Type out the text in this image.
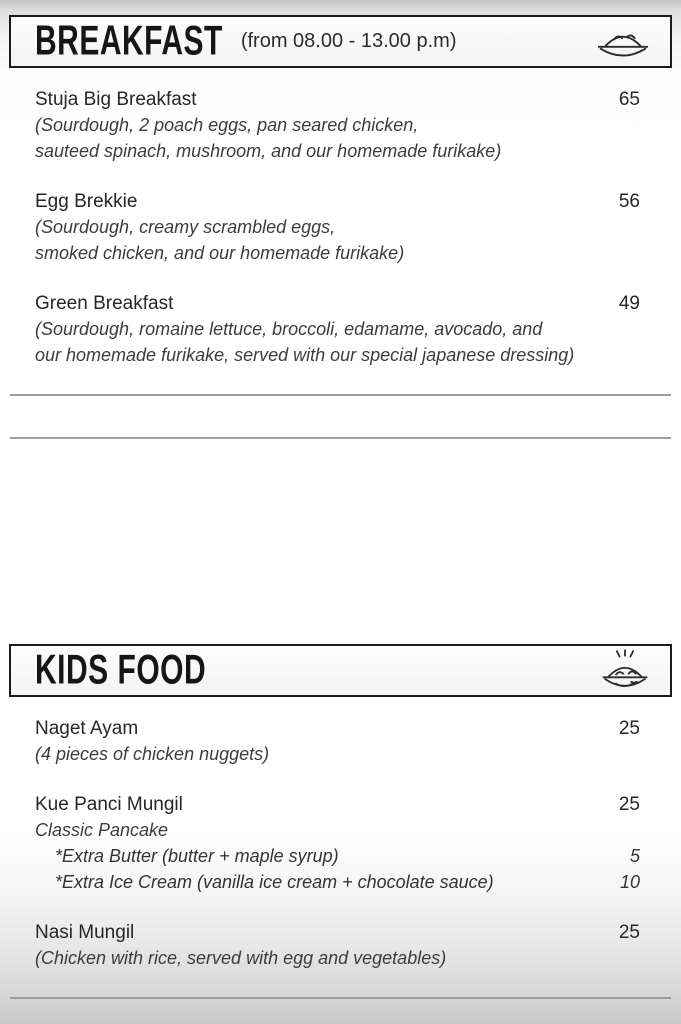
BREAKFAST (from 08.00 - 13.00 p.m)
Stuja Big Breakfast	65
(Sourdough, 2 poach eggs, pan seared chicken,
sauteed spinach, mushroom, and our homemade furikake)
Egg Brekkie	56
(Sourdough, creamy scrambled eggs,
smoked chicken, and our homemade furikake)
Green Breakfast	49
(Sourdough, romaine lettuce, broccoli, edamame, avocado, and
our homemade furikake, served with our special japanese dressing)
KIDS FOOD
Naget Ayam	25
(4 pieces of chicken nuggets)
Kue Panci Mungil	25
Classic Pancake
*Extra Butter (butter + maple syrup)	5
*Extra Ice Cream (vanilla ice cream + chocolate sauce)	10
Nasi Mungil	25
(Chicken with rice, served with egg and vegetables)
